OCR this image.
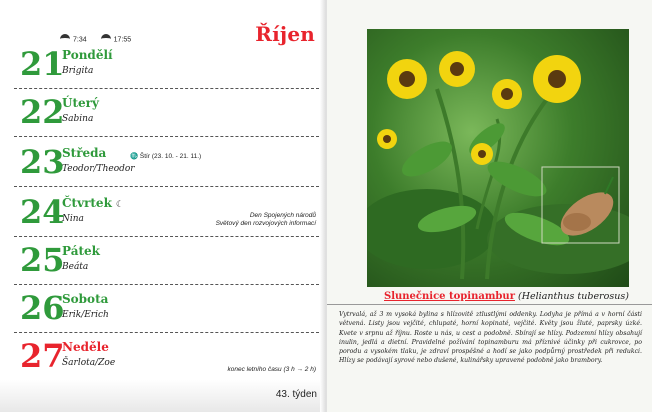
7:34	17:55	Říjen
21
Pondělí
Brigita
22
Úterý
Sabina
23
Středa	♏ Štír (23. 10. - 21. 11.)
Teodor/Theodor
24
Čtvrtek ☾
Nina	Den Spojených národů
Světový den rozvojových informací
25
Pátek
Beáta
26
Sobota
Erik/Erich
27
Neděle
Šarlota/Zoe
konec letního času (3 h → 2 h)
43. týden
Slunečnice topinambur (Helianthus tuberosus)
Vytrvalá, až 3 m vysoká bylina s hlízovitě ztlustlými oddenky. Lodyha je přímá a v horní části větvená. Listy jsou vejčité, chlupaté, horní kopinaté, vejčité. Květy jsou žluté, paprsky úzké. Kvete v srpnu až říjnu. Roste u nás, u cest a podobně. Sbírají se hlízy. Podzemní hlízy obsahují inulin, jedlá a dietní. Pravidelné požívání topinamburu má příznivé účinky při cukrovce, po porodu a vysokém tlaku, je zdraví prospěšné a hodí se jako podpůrný prostředek při redukci. Hlízy se podávají syrové nebo dušené, kulinářsky upravené podobně jako brambory.
